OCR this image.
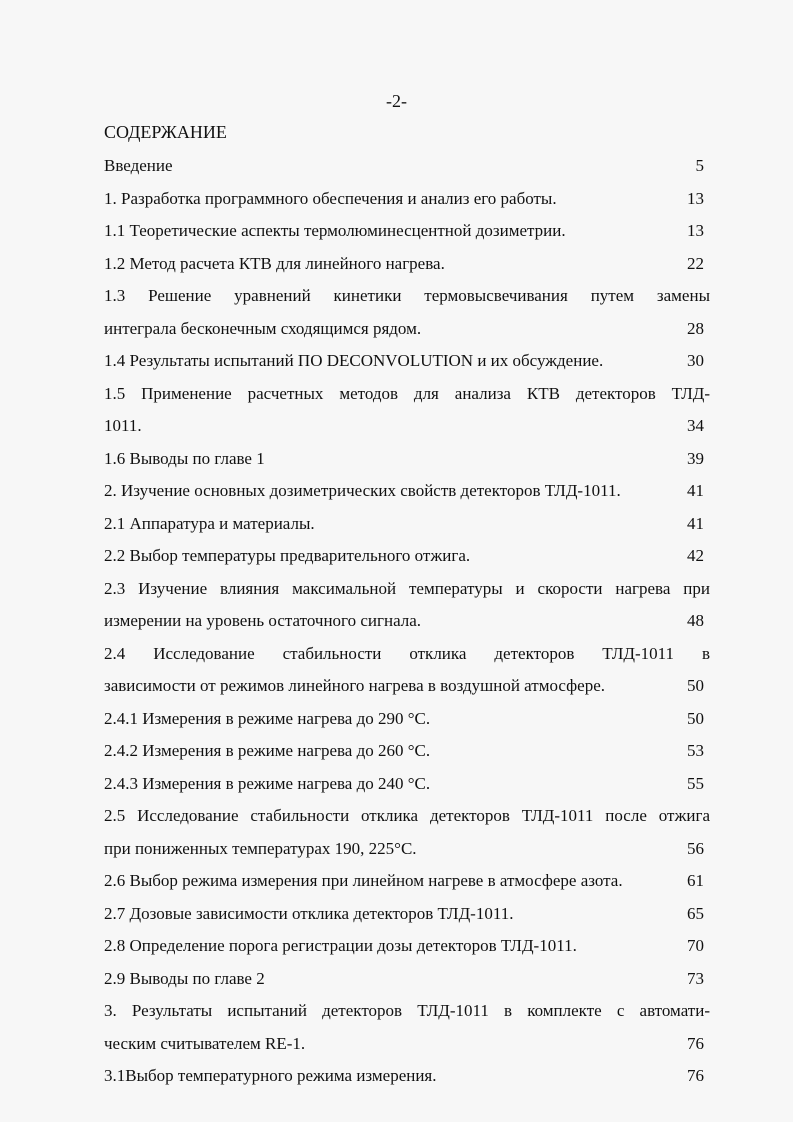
-2-
СОДЕРЖАНИЕ
Введение	5
1. Разработка программного обеспечения и анализ его работы.	13
1.1 Теоретические аспекты термолюминесцентной дозиметрии.	13
1.2 Метод расчета КТВ для линейного нагрева.	22
1.3 Решение уравнений кинетики термовысвечивания путем замены
интеграла бесконечным сходящимся рядом.	28
1.4 Результаты испытаний ПО DECONVOLUTION и их обсуждение.	30
1.5 Применение расчетных методов для анализа КТВ детекторов ТЛД-
1011.	34
1.6 Выводы по главе 1	39
2. Изучение основных дозиметрических свойств детекторов ТЛД-1011.	41
2.1 Аппаратура и материалы.	41
2.2 Выбор температуры предварительного отжига.	42
2.3 Изучение влияния максимальной температуры и скорости нагрева при
измерении на уровень остаточного сигнала.	48
2.4 Исследование стабильности отклика детекторов ТЛД-1011 в
зависимости от режимов линейного нагрева в воздушной атмосфере.	50
2.4.1 Измерения в режиме нагрева до 290 °С.	50
2.4.2 Измерения в режиме нагрева до 260 °С.	53
2.4.3 Измерения в режиме нагрева до 240 °С.	55
2.5 Исследование стабильности отклика детекторов ТЛД-1011 после отжига
при пониженных температурах 190, 225°С.	56
2.6 Выбор режима измерения при линейном нагреве в атмосфере азота.	61
2.7 Дозовые зависимости отклика детекторов ТЛД-1011.	65
2.8 Определение порога регистрации дозы детекторов ТЛД-1011.	70
2.9 Выводы по главе 2	73
3. Результаты испытаний детекторов ТЛД-1011 в комплекте с автомати-
ческим считывателем RE-1.	76
3.1Выбор температурного режима измерения.	76
